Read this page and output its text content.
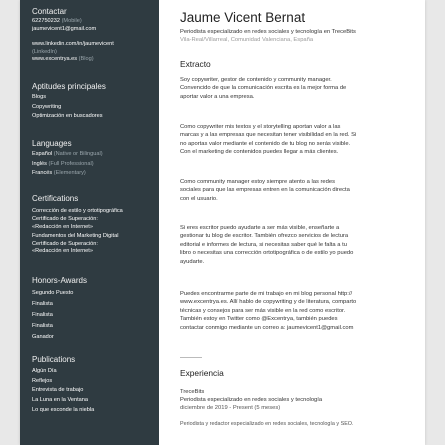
Contactar
622750232 (Mobile)
jaumevicent1@gmail.com
www.linkedin.com/in/jaumevicent
(LinkedIn)
www.excentrya.es (Blog)
Aptitudes principales
Blogs
Copywriting
Optimización en buscadores
Languages
Español (Native or Bilingual)
Inglés (Full Professional)
Francés (Elementary)
Certifications
Corrección de estilo y ortotipográfica
Certificado de Superación:
«Redacción en Internet»
Fundamentos del Marketing Digital
Certificado de Superación:
«Redacción en Internet»
Honors-Awards
Segundo Puesto
Finalista
Finalista
Finalista
Ganador
Publications
Algún Día
Reflejos
Entrevista de trabajo
La Luna en la Ventana
Lo que esconde la niebla
Jaume Vicent Bernat
Periodista especializado en redes sociales y tecnología en TreceBits
Vila-Real/Villarreal, Comunidad Valenciana, España
Extracto
Soy copywriter, gestor de contenido y community manager.
Convencido de que la comunicación escrita es la mejor forma de
aportar valor a una empresa.
Como copywriter mis textos y el storytelling aportan valor a las
marcas y a las empresas que necesitan tener visibilidad en la red. Si
no aportas valor mediante el contenido de tu blog no serás visible.
Con el marketing de contenidos puedes llegar a más clientes.
Como community manager estoy siempre atento a las redes
sociales para que las empresas entren en la comunicación directa
con el usuario.
Si eres escritor puedo ayudarte a ser más visible, enseñarte a
gestionar tu blog de escritor. También ofrezco servicios de lectura
editorial e informes de lectura, si necesitas saber qué le falta a tu
libro o necesitas una corrección ortotipográfica o de estilo yo puedo
ayudarte.
Puedes encontrarme parte de mi trabajo en mi blog personal http://
www.excentrya.es. Allí hablo de copywriting y de literatura, comparto
técnicas y consejos para ser más visible en la red como escritor.
También estoy en Twitter como @Excentrya, también puedes
contactar conmigo mediante un correo a: jaumevicent1@gmail.com
Experiencia
TreceBits
Periodista especializado en redes sociales y tecnología
diciembre de 2019 - Present (5 meses)
Periodista y redactor especializado en redes sociales, tecnología y SEO.
